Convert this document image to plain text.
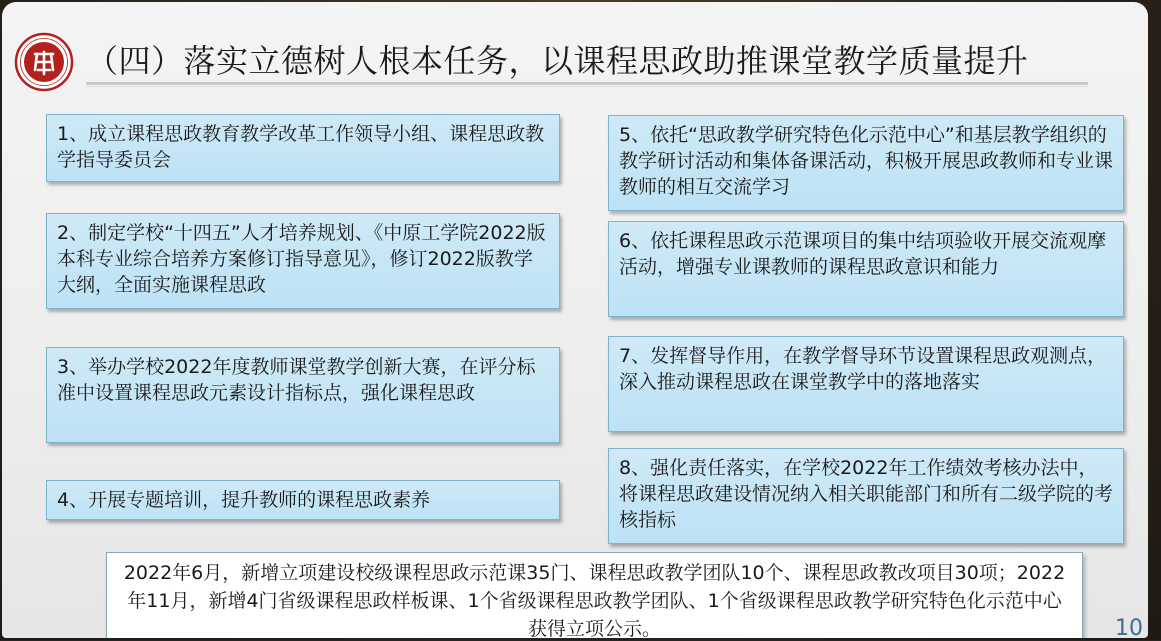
（四）落实立德树人根本任务，以课程思政助推课堂教学质量提升
1、成立课程思政教育教学改革工作领导小组、课程思政教学指导委员会
2、制定学校“十四五”人才培养规划、《中原工学院2022版本科专业综合培养方案修订指导意见》，修订2022版教学大纲，全面实施课程思政
3、举办学校2022年度教师课堂教学创新大赛，在评分标准中设置课程思政元素设计指标点，强化课程思政
4、开展专题培训，提升教师的课程思政素养
5、依托“思政教学研究特色化示范中心”和基层教学组织的教学研讨活动和集体备课活动，积极开展思政教师和专业课教师的相互交流学习
6、依托课程思政示范课项目的集中结项验收开展交流观摩活动，增强专业课教师的课程思政意识和能力
7、发挥督导作用，在教学督导环节设置课程思政观测点，深入推动课程思政在课堂教学中的落地落实
8、强化责任落实，在学校2022年工作绩效考核办法中，将课程思政建设情况纳入相关职能部门和所有二级学院的考核指标
2022年6月，新增立项建设校级课程思政示范课35门、课程思政教学团队10个、课程思政教改项目30项；2022年11月，新增4门省级课程思政样板课、1个省级课程思政教学团队、1个省级课程思政教学研究特色化示范中心获得立项公示。	10
